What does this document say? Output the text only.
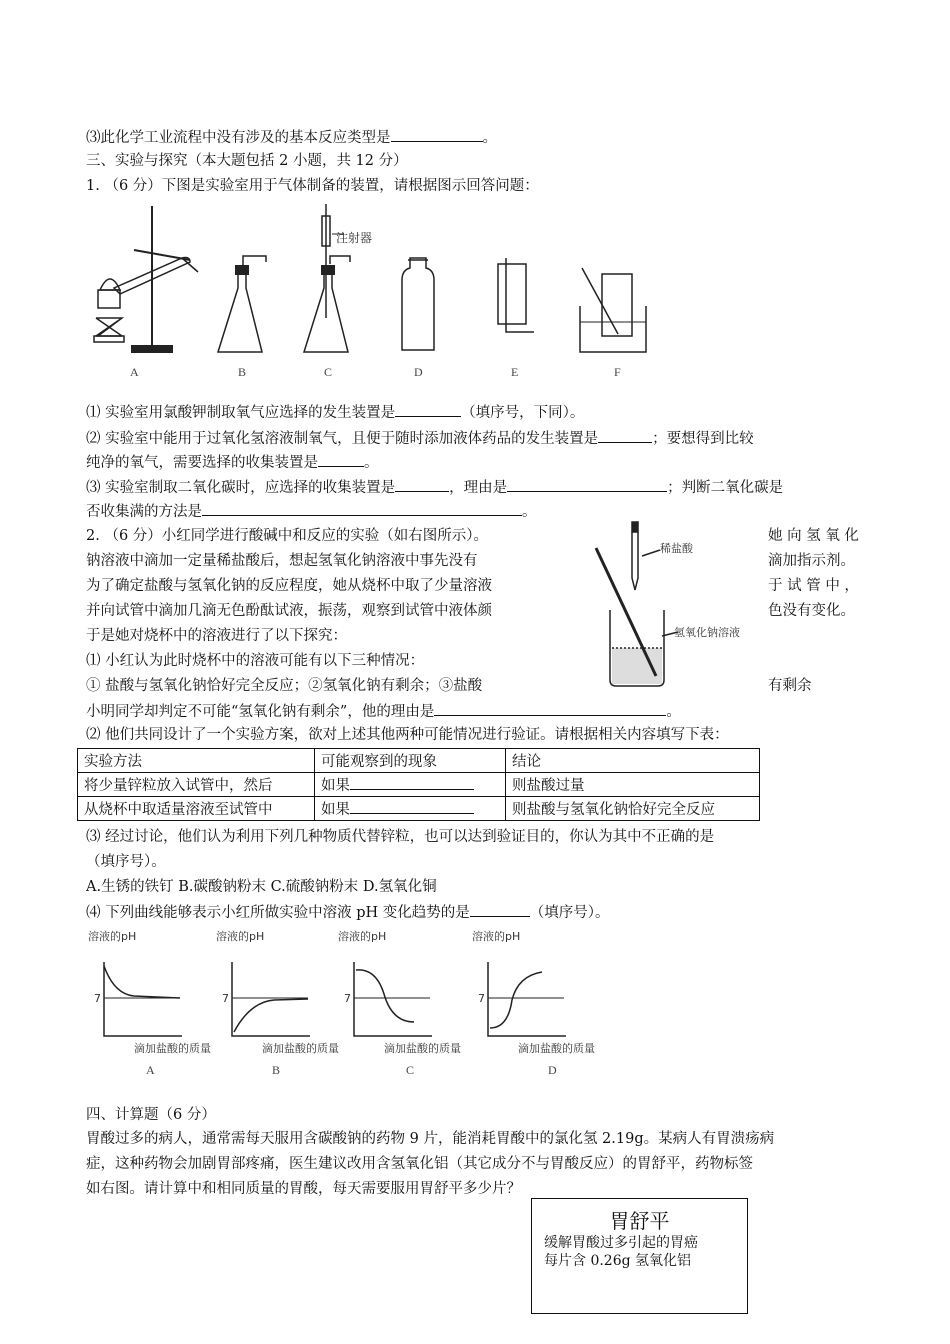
⑶此化学工业流程中没有涉及的基本反应类型是	。
三、实验与探究（本大题包括 2 小题，共 12 分）
1. （6 分）下图是实验室用于气体制备的装置，请根据图示回答问题：
注射器
A	B	C	D	E	F
⑴ 实验室用氯酸钾制取氧气应选择的发生装置是	（填序号，下同）。
⑵ 实验室中能用于过氧化氢溶液制氧气，且便于随时添加液体药品的发生装置是	；要想得到比较
纯净的氧气，需要选择的收集装置是	。
⑶ 实验室制取二氧化碳时，应选择的收集装置是	，理由是	；判断二氧化碳是
否收集满的方法是	。
2. （6 分）小红同学进行酸碱中和反应的实验（如右图所示）。	她 向 氢 氧 化
钠溶液中滴加一定量稀盐酸后，想起氢氧化钠溶液中事先没有	滴加指示剂。
为了确定盐酸与氢氧化钠的反应程度，她从烧杯中取了少量溶液	于 试 管 中 ，
并向试管中滴加几滴无色酚酞试液，振荡，观察到试管中液体颜	色没有变化。
于是她对烧杯中的溶液进行了以下探究：
⑴ 小红认为此时烧杯中的溶液可能有以下三种情况：
① 盐酸与氢氧化钠恰好完全反应；②氢氧化钠有剩余；③盐酸	有剩余
小明同学却判定不可能“氢氧化钠有剩余”，他的理由是	。
⑵ 他们共同设计了一个实验方案，欲对上述其他两种可能情况进行验证。请根据相关内容填写下表：
稀盐酸
氢氧化钠溶液
实验方法	可能观察到的现象	结论
将少量锌粒放入试管中，然后	如果	则盐酸过量
从烧杯中取适量溶液至试管中	如果	则盐酸与氢氧化钠恰好完全反应
⑶ 经过讨论，他们认为利用下列几种物质代替锌粒，也可以达到验证目的，你认为其中不正确的是
（填序号）。
A.生锈的铁钉 B.碳酸钠粉末 C.硫酸钠粉末 D.氢氧化铜
⑷ 下列曲线能够表示小红所做实验中溶液 pH 变化趋势的是	（填序号）。
溶液的pH	溶液的pH	溶液的pH	溶液的pH
7	7	7	7
滴加盐酸的质量	滴加盐酸的质量	滴加盐酸的质量	滴加盐酸的质量
A	B	C	D
四、计算题（6 分）
胃酸过多的病人，通常需每天服用含碳酸钠的药物 9 片，能消耗胃酸中的氯化氢 2.19g。某病人有胃溃疡病
症，这种药物会加剧胃部疼痛，医生建议改用含氢氧化铝（其它成分不与胃酸反应）的胃舒平，药物标签
如右图。请计算中和相同质量的胃酸，每天需要服用胃舒平多少片？
胃舒平
缓解胃酸过多引起的胃癌
每片含 0.26g 氢氧化铝
